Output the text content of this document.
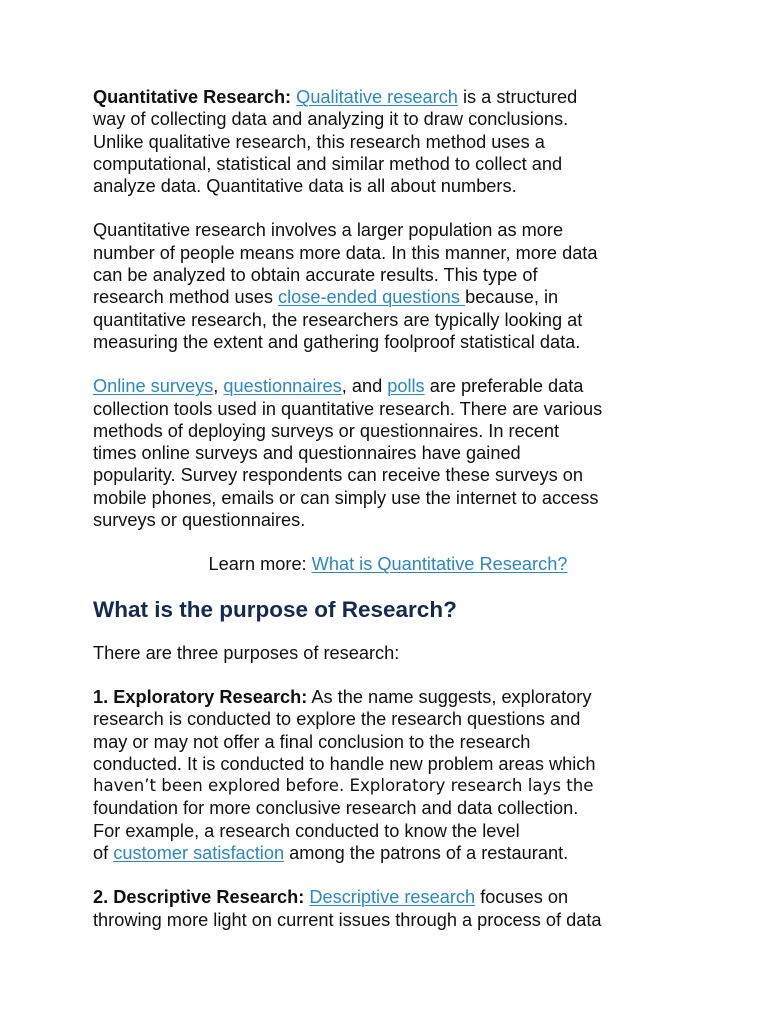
Quantitative Research: Qualitative research is a structured
way of collecting data and analyzing it to draw conclusions.
Unlike qualitative research, this research method uses a
computational, statistical and similar method to collect and
analyze data. Quantitative data is all about numbers.

Quantitative research involves a larger population as more
number of people means more data. In this manner, more data
can be analyzed to obtain accurate results. This type of
research method uses close-ended questions because, in
quantitative research, the researchers are typically looking at
measuring the extent and gathering foolproof statistical data.

Online surveys, questionnaires, and polls are preferable data
collection tools used in quantitative research. There are various
methods of deploying surveys or questionnaires. In recent
times online surveys and questionnaires have gained
popularity. Survey respondents can receive these surveys on
mobile phones, emails or can simply use the internet to access
surveys or questionnaires.

Learn more: What is Quantitative Research?

What is the purpose of Research?

There are three purposes of research:

1. Exploratory Research: As the name suggests, exploratory
research is conducted to explore the research questions and
may or may not offer a final conclusion to the research
conducted. It is conducted to handle new problem areas which
haven’t been explored before. Exploratory research lays the
foundation for more conclusive research and data collection.
For example, a research conducted to know the level
of customer satisfaction among the patrons of a restaurant.

2. Descriptive Research: Descriptive research focuses on
throwing more light on current issues through a process of data
